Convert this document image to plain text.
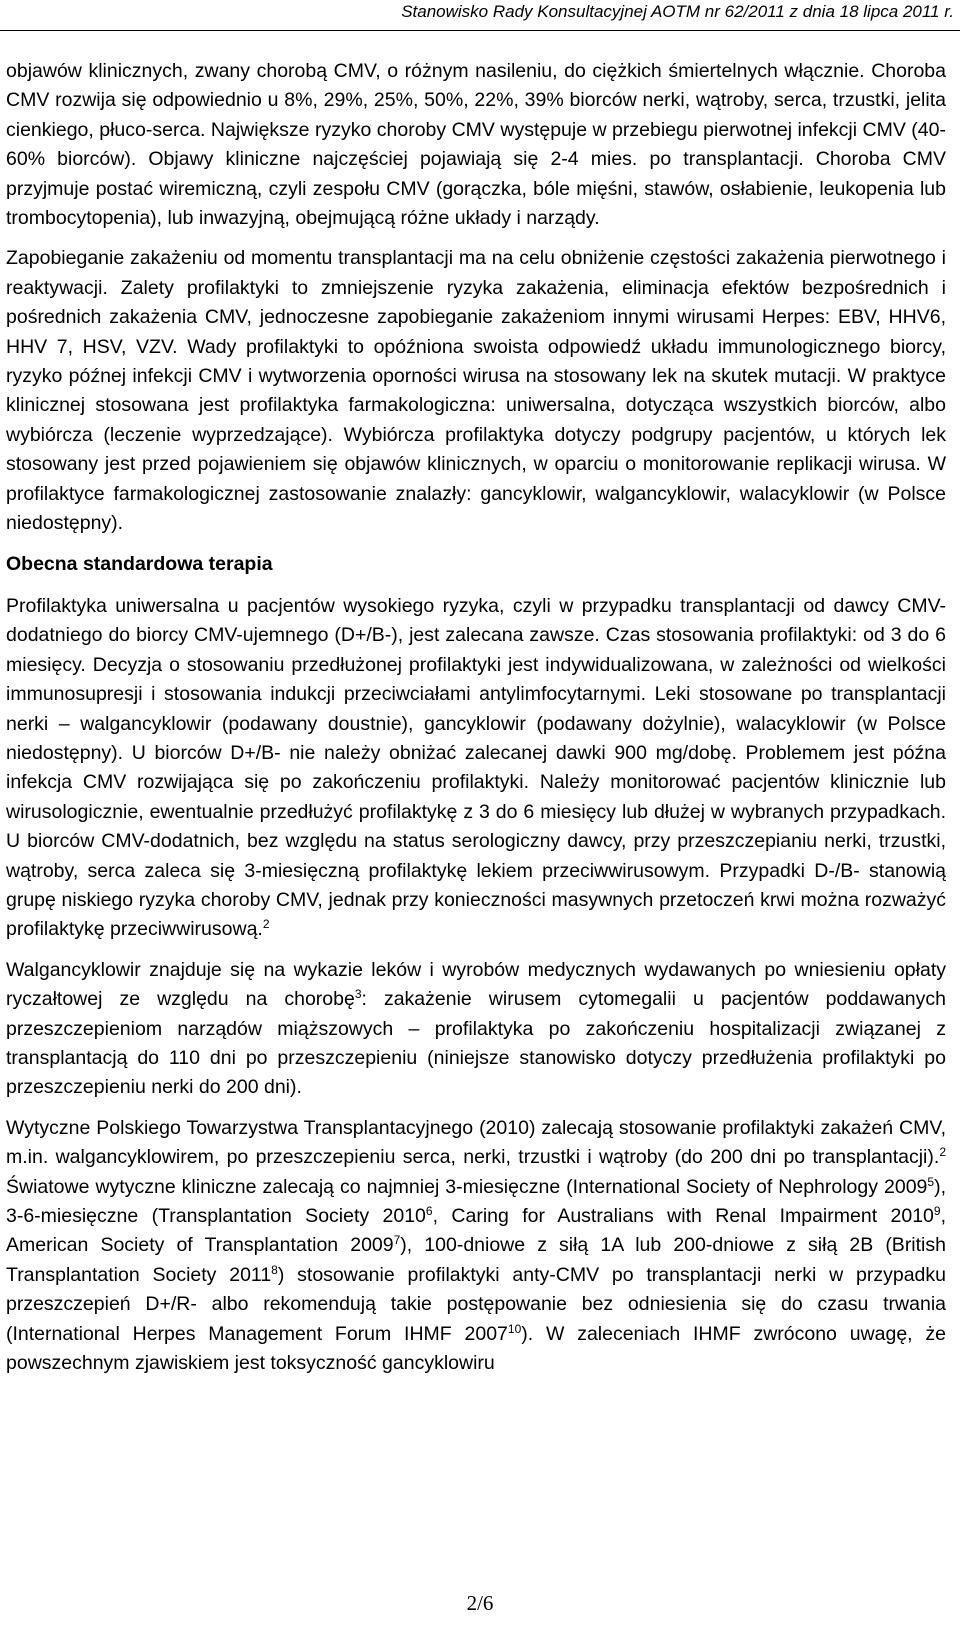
Stanowisko Rady Konsultacyjnej AOTM nr 62/2011 z dnia 18 lipca 2011 r.

objawów klinicznych, zwany chorobą CMV, o różnym nasileniu, do ciężkich śmiertelnych włącznie. Choroba CMV rozwija się odpowiednio u 8%, 29%, 25%, 50%, 22%, 39% biorców nerki, wątroby, serca, trzustki, jelita cienkiego, płuco-serca. Największe ryzyko choroby CMV występuje w przebiegu pierwotnej infekcji CMV (40-60% biorców). Objawy kliniczne najczęściej pojawiają się 2-4 mies. po transplantacji. Choroba CMV przyjmuje postać wiremiczną, czyli zespołu CMV (gorączka, bóle mięśni, stawów, osłabienie, leukopenia lub trombocytopenia), lub inwazyjną, obejmującą różne układy i narządy.

Zapobieganie zakażeniu od momentu transplantacji ma na celu obniżenie częstości zakażenia pierwotnego i reaktywacji. Zalety profilaktyki to zmniejszenie ryzyka zakażenia, eliminacja efektów bezpośrednich i pośrednich zakażenia CMV, jednoczesne zapobieganie zakażeniom innymi wirusami Herpes: EBV, HHV6, HHV 7, HSV, VZV. Wady profilaktyki to opóźniona swoista odpowiedź układu immunologicznego biorcy, ryzyko późnej infekcji CMV i wytworzenia oporności wirusa na stosowany lek na skutek mutacji. W praktyce klinicznej stosowana jest profilaktyka farmakologiczna: uniwersalna, dotycząca wszystkich biorców, albo wybiórcza (leczenie wyprzedzające). Wybiórcza profilaktyka dotyczy podgrupy pacjentów, u których lek stosowany jest przed pojawieniem się objawów klinicznych, w oparciu o monitorowanie replikacji wirusa. W profilaktyce farmakologicznej zastosowanie znalazły: gancyklowir, walgancyklowir, walacyklowir (w Polsce niedostępny).

Obecna standardowa terapia

Profilaktyka uniwersalna u pacjentów wysokiego ryzyka, czyli w przypadku transplantacji od dawcy CMV-dodatniego do biorcy CMV-ujemnego (D+/B-), jest zalecana zawsze. Czas stosowania profilaktyki: od 3 do 6 miesięcy. Decyzja o stosowaniu przedłużonej profilaktyki jest indywidualizowana, w zależności od wielkości immunosupresji i stosowania indukcji przeciwciałami antylimfocytarnymi. Leki stosowane po transplantacji nerki – walgancyklowir (podawany doustnie), gancyklowir (podawany dożylnie), walacyklowir (w Polsce niedostępny). U biorców D+/B- nie należy obniżać zalecanej dawki 900 mg/dobę. Problemem jest późna infekcja CMV rozwijająca się po zakończeniu profilaktyki. Należy monitorować pacjentów klinicznie lub wirusologicznie, ewentualnie przedłużyć profilaktykę z 3 do 6 miesięcy lub dłużej w wybranych przypadkach. U biorców CMV-dodatnich, bez względu na status serologiczny dawcy, przy przeszczepianiu nerki, trzustki, wątroby, serca zaleca się 3-miesięczną profilaktykę lekiem przeciwwirusowym. Przypadki D-/B- stanowią grupę niskiego ryzyka choroby CMV, jednak przy konieczności masywnych przetoczeń krwi można rozważyć profilaktykę przeciwwirusową.$^2$

Walgancyklowir znajduje się na wykazie leków i wyrobów medycznych wydawanych po wniesieniu opłaty ryczałtowej ze względu na chorobę$^3$: zakażenie wirusem cytomegalii u pacjentów poddawanych przeszczepieniom narządów miąższowych – profilaktyka po zakończeniu hospitalizacji związanej z transplantacją do 110 dni po przeszczepieniu (niniejsze stanowisko dotyczy przedłużenia profilaktyki po przeszczepieniu nerki do 200 dni).

Wytyczne Polskiego Towarzystwa Transplantacyjnego (2010) zalecają stosowanie profilaktyki zakażeń CMV, m.in. walgancyklowirem, po przeszczepieniu serca, nerki, trzustki i wątroby (do 200 dni po transplantacji).$^2$ Światowe wytyczne kliniczne zalecają co najmniej 3-miesięczne (International Society of Nephrology 2009$^5$), 3-6-miesięczne (Transplantation Society 2010$^6$, Caring for Australians with Renal Impairment 2010$^9$, American Society of Transplantation 2009$^7$), 100-dniowe z siłą 1A lub 200-dniowe z siłą 2B (British Transplantation Society 2011$^8$) stosowanie profilaktyki anty-CMV po transplantacji nerki w przypadku przeszczepień D+/R- albo rekomendują takie postępowanie bez odniesienia się do czasu trwania (International Herpes Management Forum IHMF 2007$^{10}$). W zaleceniach IHMF zwrócono uwagę, że powszechnym zjawiskiem jest toksyczność gancyklowiru

2/6
